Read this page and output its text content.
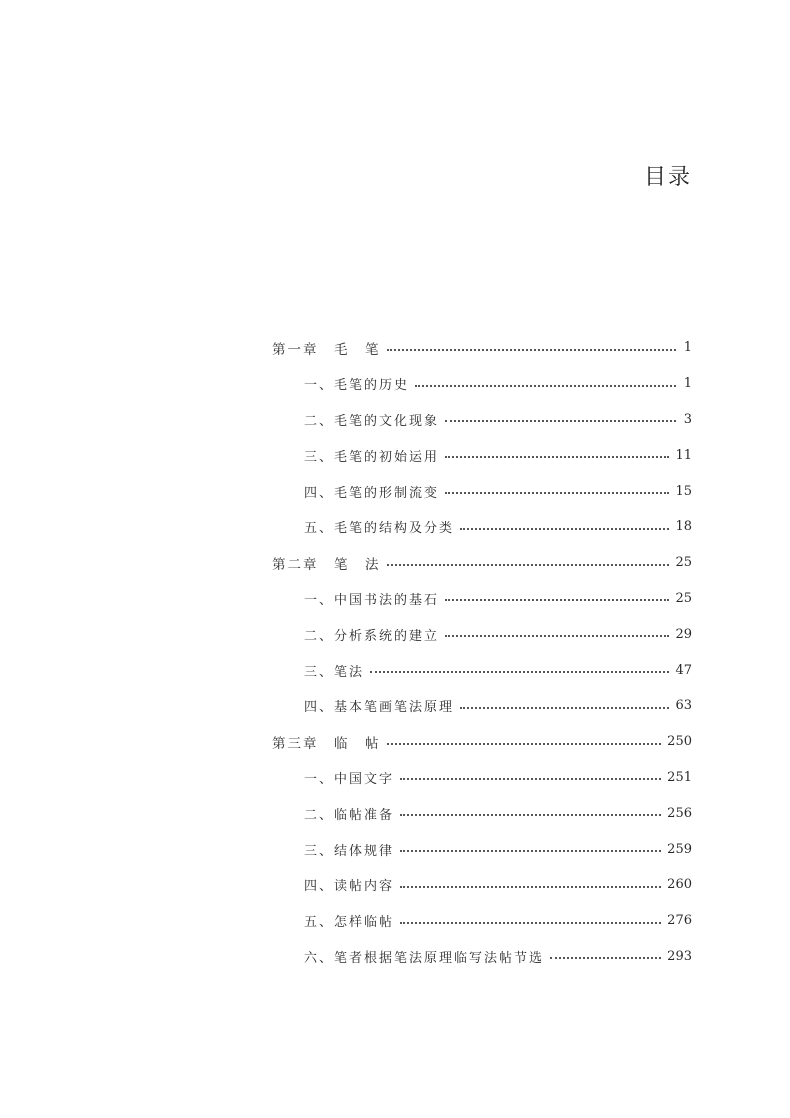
目录
第一章　毛　笔	1
一、毛笔的历史	1
二、毛笔的文化现象	3
三、毛笔的初始运用	11
四、毛笔的形制流变	15
五、毛笔的结构及分类	18
第二章　笔　法	25
一、中国书法的基石	25
二、分析系统的建立	29
三、笔法	47
四、基本笔画笔法原理	63
第三章　临　帖	250
一、中国文字	251
二、临帖准备	256
三、结体规律	259
四、读帖内容	260
五、怎样临帖	276
六、笔者根据笔法原理临写法帖节选	293
